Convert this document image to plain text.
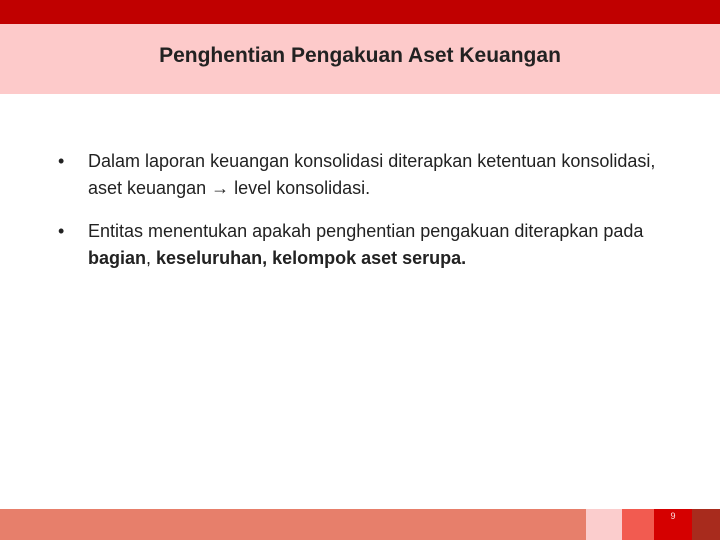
Penghentian Pengakuan Aset Keuangan
• Dalam laporan keuangan konsolidasi diterapkan ketentuan konsolidasi, aset keuangan → level konsolidasi.
• Entitas menentukan apakah penghentian pengakuan diterapkan pada bagian, keseluruhan, kelompok aset serupa.
9
